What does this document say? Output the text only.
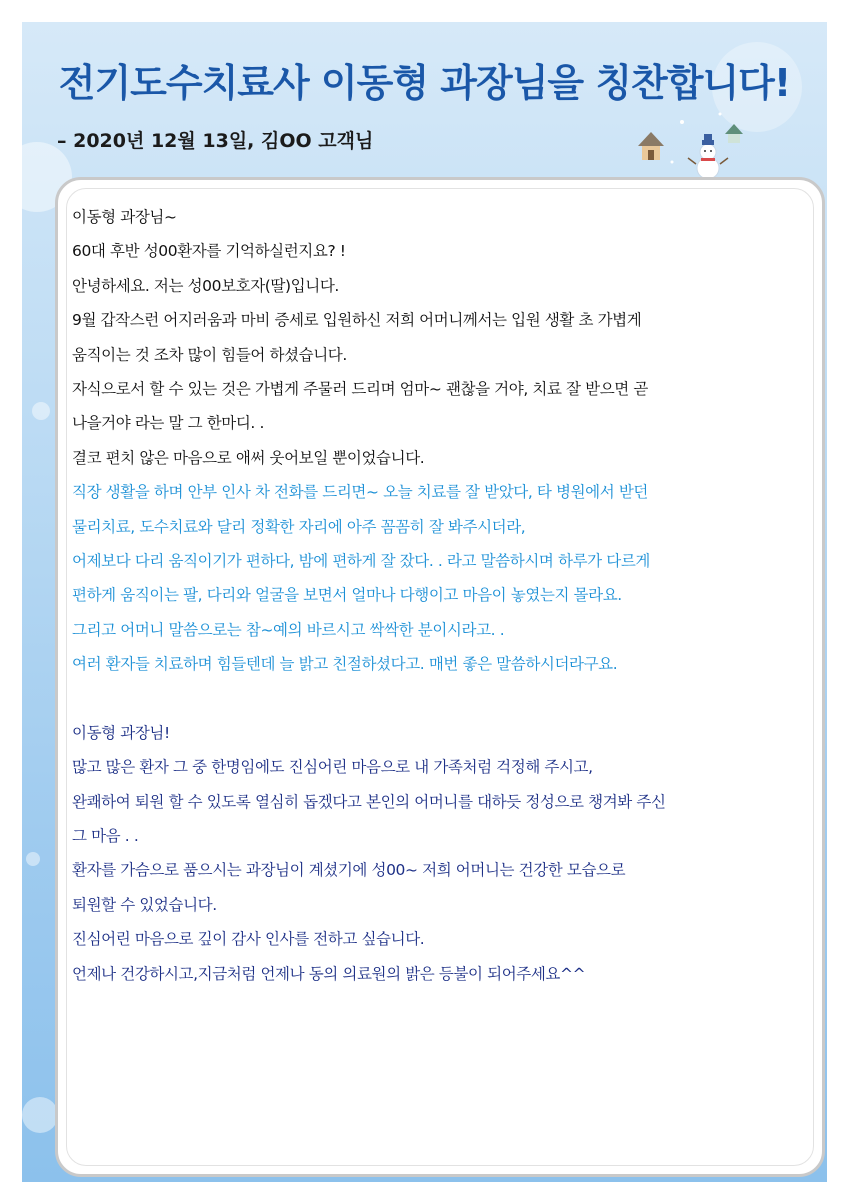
전기도수치료사 이동형 과장님을 칭찬합니다!

– 2020년 12월 13일, 김OO 고객님

이동형 과장님~

60대 후반 성00환자를 기억하실런지요? !

안녕하세요. 저는 성00보호자(딸)입니다.

9월 갑작스런 어지러움과 마비 증세로 입원하신 저희 어머니께서는 입원 생활 초 가볍게

움직이는 것 조차 많이 힘들어 하셨습니다.

자식으로서 할 수 있는 것은 가볍게 주물러 드리며 엄마~ 괜찮을 거야, 치료 잘 받으면 곧

나을거야 라는 말 그 한마디. .

결코 편치 않은 마음으로 애써 웃어보일 뿐이었습니다.

직장 생활을 하며 안부 인사 차 전화를 드리면~ 오늘 치료를 잘 받았다, 타 병원에서 받던

물리치료, 도수치료와 달리 정확한 자리에 아주 꼼꼼히 잘 봐주시더라,

어제보다 다리 움직이기가 편하다, 밤에 편하게 잘 잤다. . 라고 말씀하시며 하루가 다르게

편하게 움직이는 팔, 다리와 얼굴을 보면서 얼마나 다행이고 마음이 놓였는지 몰라요.

그리고 어머니 말씀으로는 참~예의 바르시고 싹싹한 분이시라고. .

여러 환자들 치료하며 힘들텐데 늘 밝고 친절하셨다고. 매번 좋은 말씀하시더라구요.

이동형 과장님!

많고 많은 환자 그 중 한명임에도 진심어린 마음으로 내 가족처럼 걱정해 주시고,

완쾌하여 퇴원 할 수 있도록 열심히 돕겠다고 본인의 어머니를 대하듯 정성으로 챙겨봐 주신

그 마음 . .

환자를 가슴으로 품으시는 과장님이 계셨기에 성00~ 저희 어머니는 건강한 모습으로

퇴원할 수 있었습니다.

진심어린 마음으로 깊이 감사 인사를 전하고 싶습니다.

언제나 건강하시고,지금처럼 언제나 동의 의료원의 밝은 등불이 되어주세요^^
